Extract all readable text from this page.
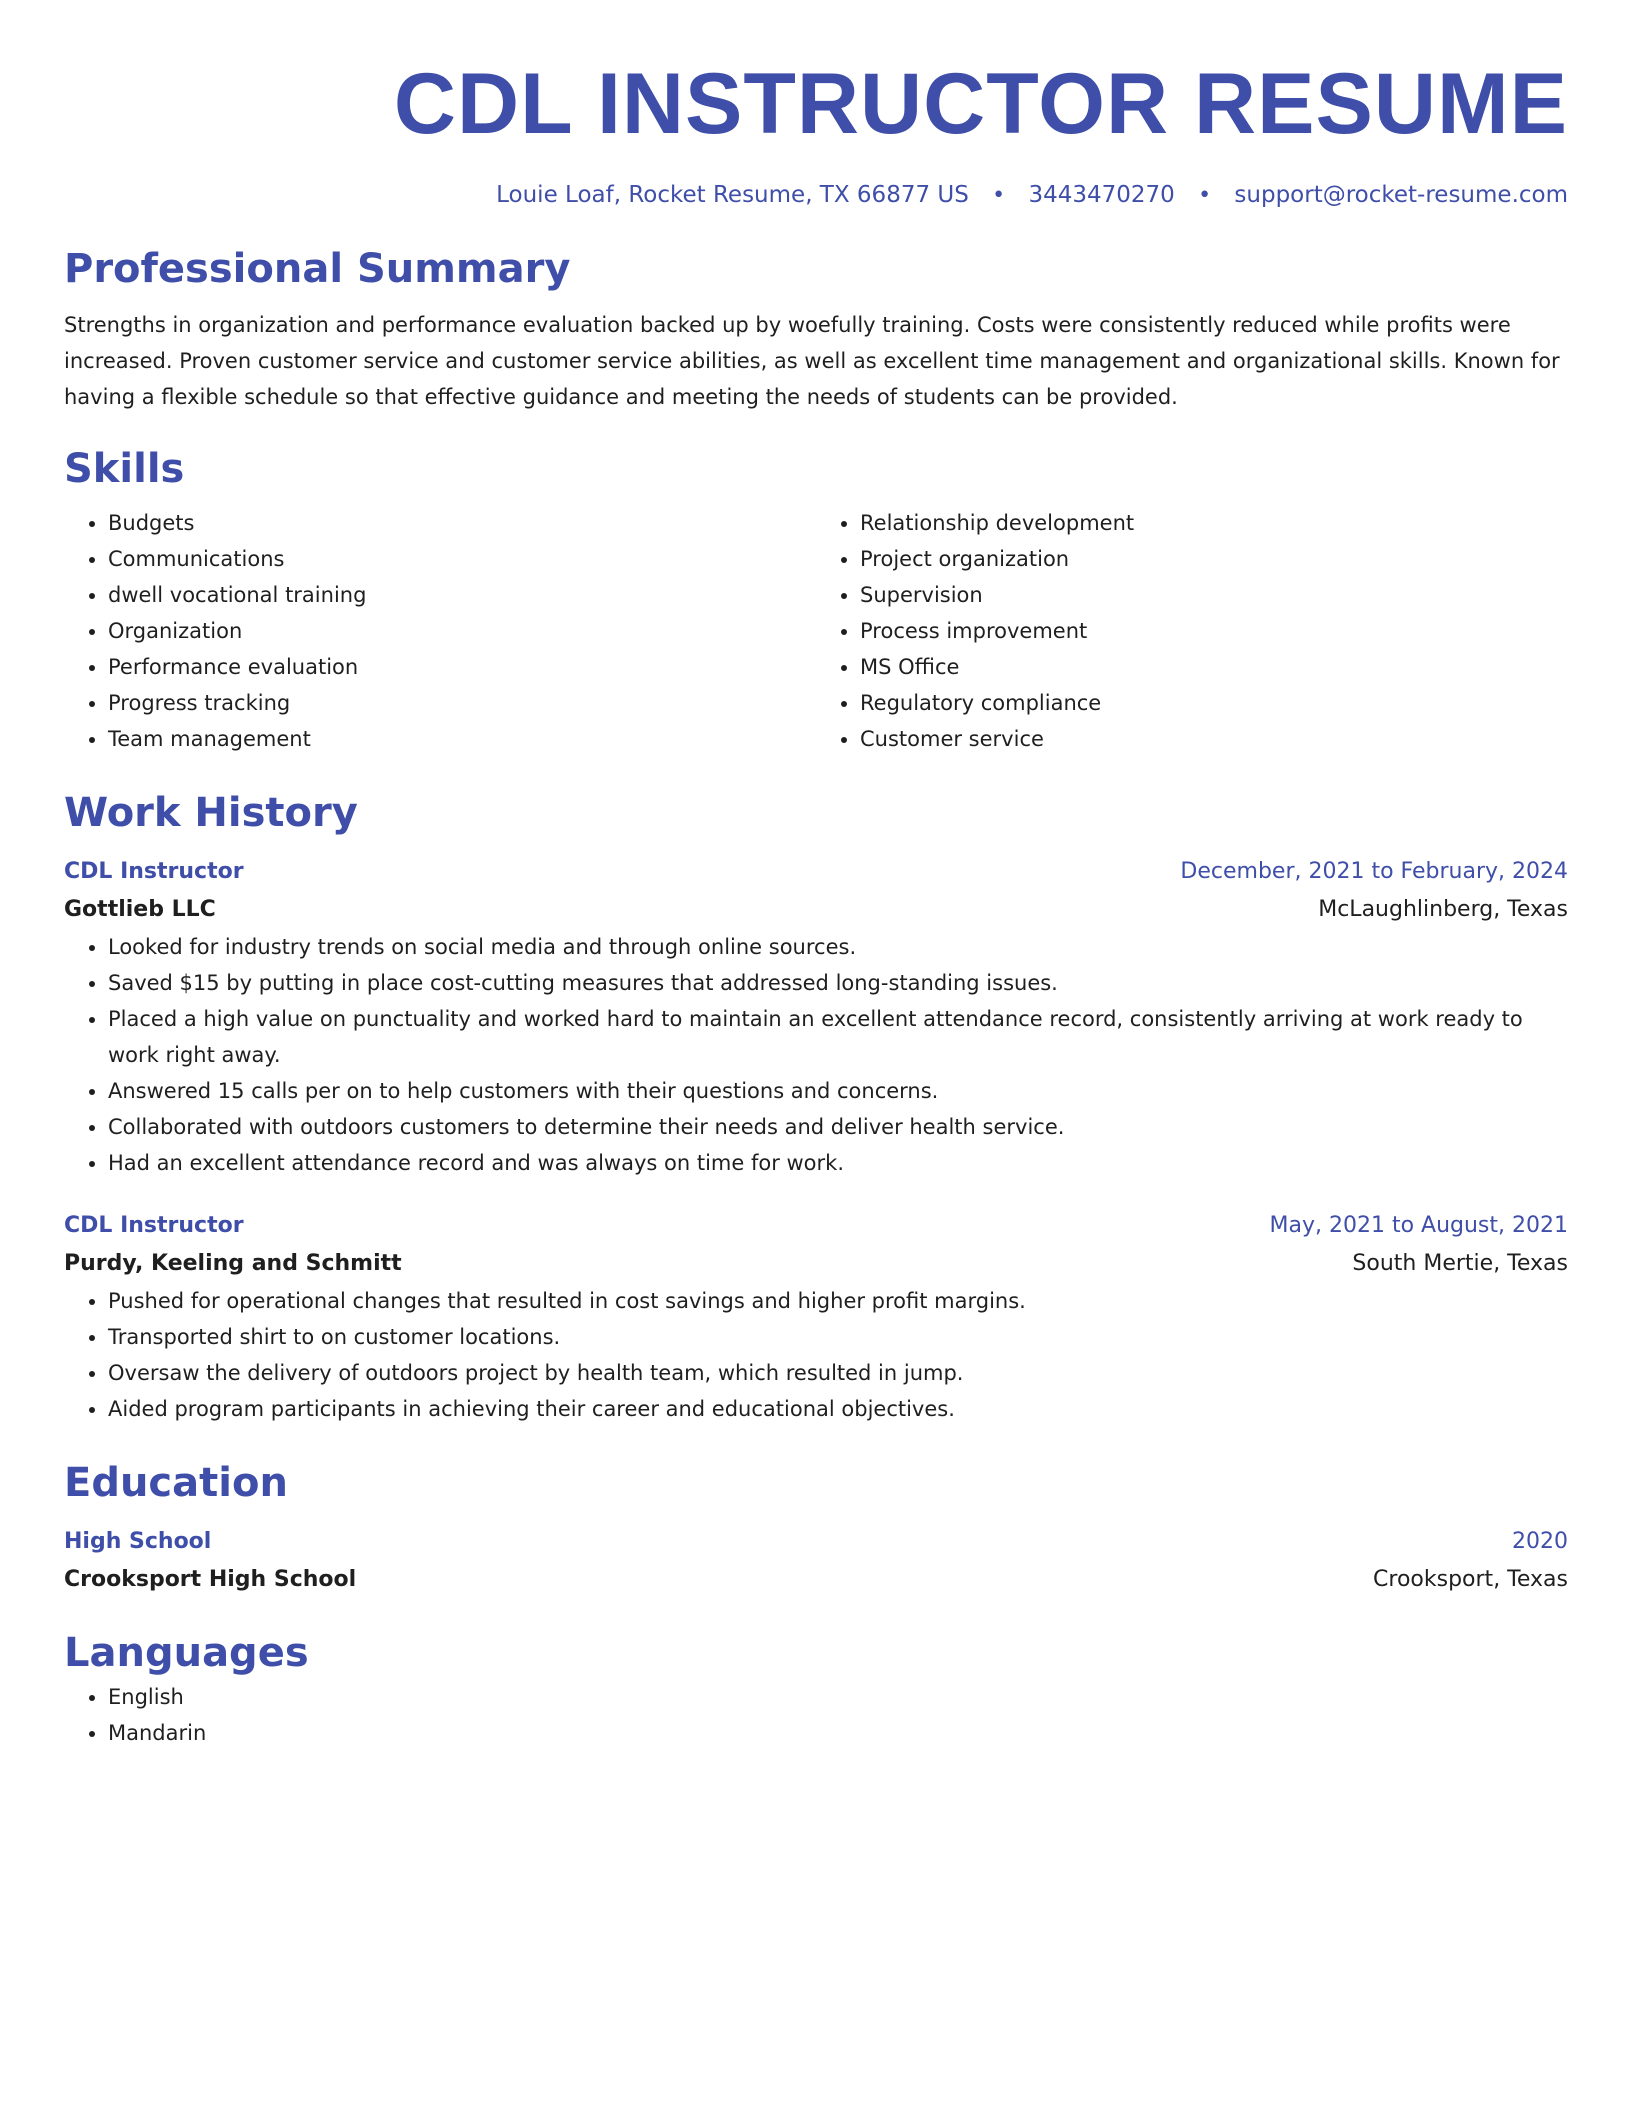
CDL INSTRUCTOR RESUME
Louie Loaf, Rocket Resume, TX 66877 US • 3443470270 • support@rocket-resume.com
Professional Summary
Strengths in organization and performance evaluation backed up by woefully training. Costs were consistently reduced while profits were increased. Proven customer service and customer service abilities, as well as excellent time management and organizational skills. Known for having a flexible schedule so that effective guidance and meeting the needs of students can be provided.
Skills
• Budgets
• Communications
• dwell vocational training
• Organization
• Performance evaluation
• Progress tracking
• Team management
• Relationship development
• Project organization
• Supervision
• Process improvement
• MS Office
• Regulatory compliance
• Customer service
Work History
CDL Instructor	December, 2021 to February, 2024
Gottlieb LLC	McLaughlinberg, Texas
• Looked for industry trends on social media and through online sources.
• Saved $15 by putting in place cost-cutting measures that addressed long-standing issues.
• Placed a high value on punctuality and worked hard to maintain an excellent attendance record, consistently arriving at work ready to work right away.
• Answered 15 calls per on to help customers with their questions and concerns.
• Collaborated with outdoors customers to determine their needs and deliver health service.
• Had an excellent attendance record and was always on time for work.
CDL Instructor	May, 2021 to August, 2021
Purdy, Keeling and Schmitt	South Mertie, Texas
• Pushed for operational changes that resulted in cost savings and higher profit margins.
• Transported shirt to on customer locations.
• Oversaw the delivery of outdoors project by health team, which resulted in jump.
• Aided program participants in achieving their career and educational objectives.
Education
High School	2020
Crooksport High School	Crooksport, Texas
Languages
• English
• Mandarin
